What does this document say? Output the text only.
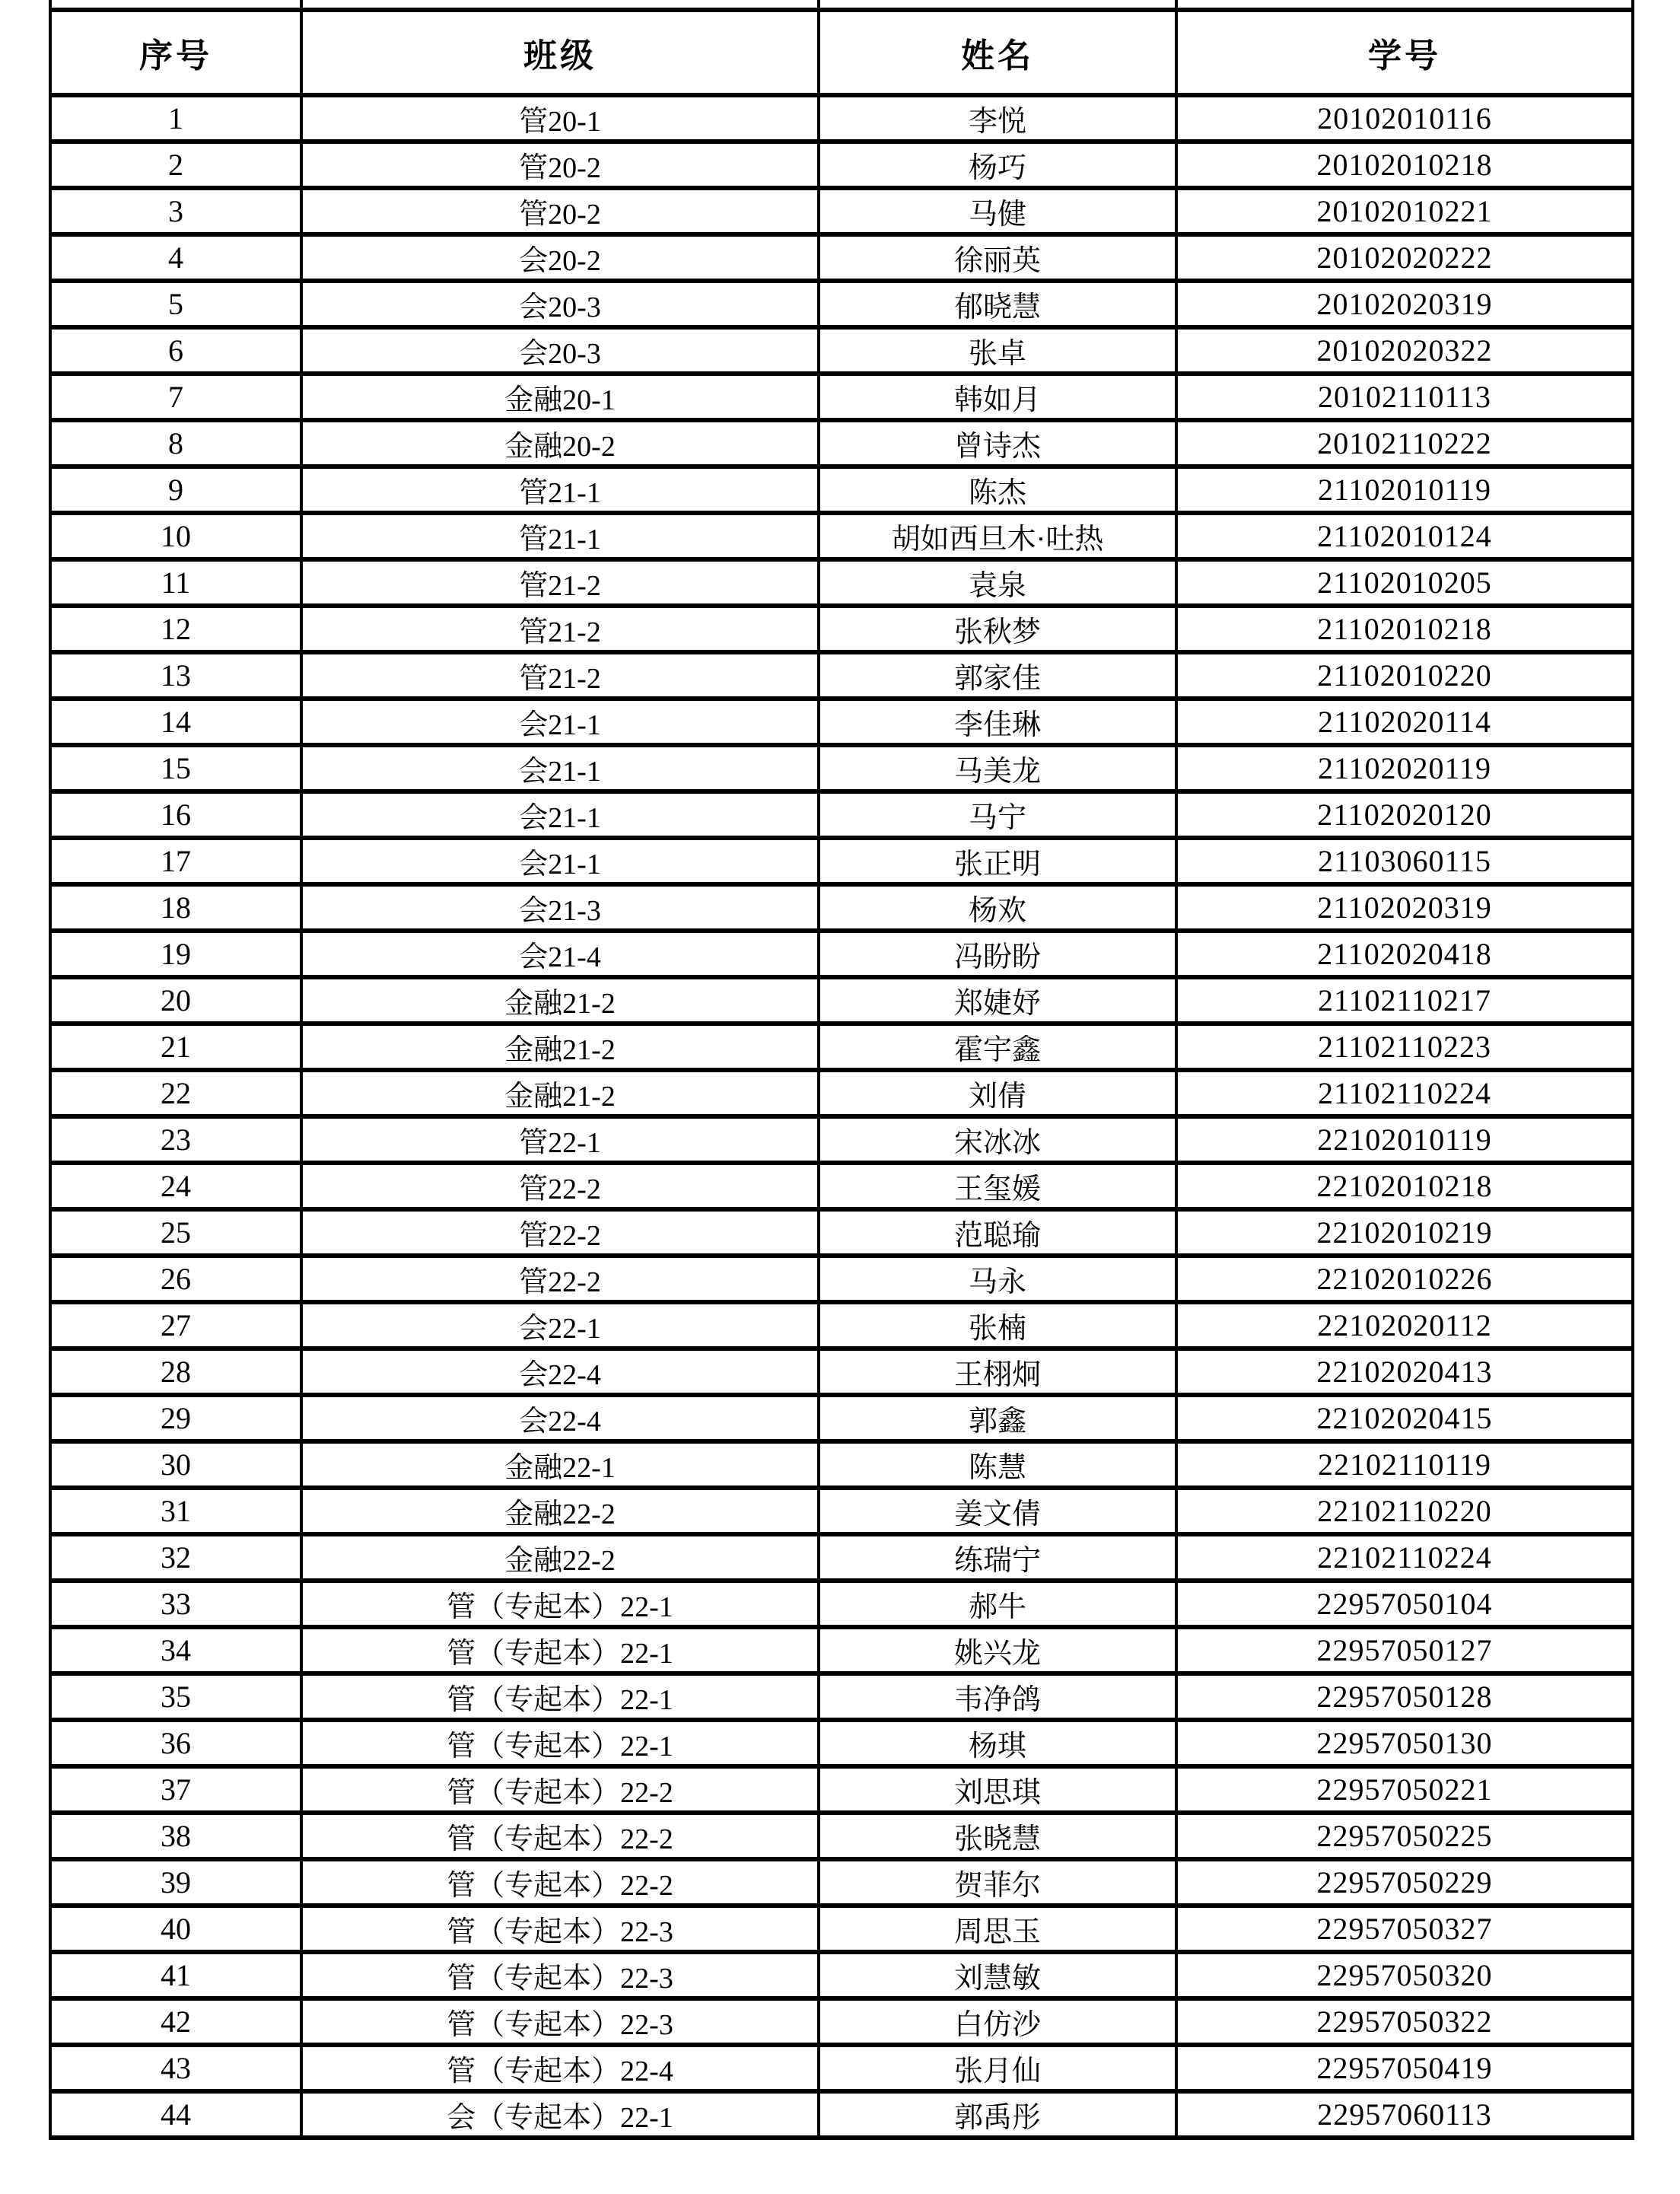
序号	班级	姓名	学号
1	管20-1	李悦	20102010116
2	管20-2	杨巧	20102010218
3	管20-2	马健	20102010221
4	会20-2	徐丽英	20102020222
5	会20-3	郁晓慧	20102020319
6	会20-3	张卓	20102020322
7	金融20-1	韩如月	20102110113
8	金融20-2	曾诗杰	20102110222
9	管21-1	陈杰	21102010119
10	管21-1	胡如西旦木·吐热	21102010124
11	管21-2	袁泉	21102010205
12	管21-2	张秋梦	21102010218
13	管21-2	郭家佳	21102010220
14	会21-1	李佳琳	21102020114
15	会21-1	马美龙	21102020119
16	会21-1	马宁	21102020120
17	会21-1	张正明	21103060115
18	会21-3	杨欢	21102020319
19	会21-4	冯盼盼	21102020418
20	金融21-2	郑婕妤	21102110217
21	金融21-2	霍宇鑫	21102110223
22	金融21-2	刘倩	21102110224
23	管22-1	宋冰冰	22102010119
24	管22-2	王玺媛	22102010218
25	管22-2	范聪瑜	22102010219
26	管22-2	马永	22102010226
27	会22-1	张楠	22102020112
28	会22-4	王栩炯	22102020413
29	会22-4	郭鑫	22102020415
30	金融22-1	陈慧	22102110119
31	金融22-2	姜文倩	22102110220
32	金融22-2	练瑞宁	22102110224
33	管（专起本）22-1	郝牛	22957050104
34	管（专起本）22-1	姚兴龙	22957050127
35	管（专起本）22-1	韦净鸽	22957050128
36	管（专起本）22-1	杨琪	22957050130
37	管（专起本）22-2	刘思琪	22957050221
38	管（专起本）22-2	张晓慧	22957050225
39	管（专起本）22-2	贺菲尔	22957050229
40	管（专起本）22-3	周思玉	22957050327
41	管（专起本）22-3	刘慧敏	22957050320
42	管（专起本）22-3	白仿沙	22957050322
43	管（专起本）22-4	张月仙	22957050419
44	会（专起本）22-1	郭禹彤	22957060113
